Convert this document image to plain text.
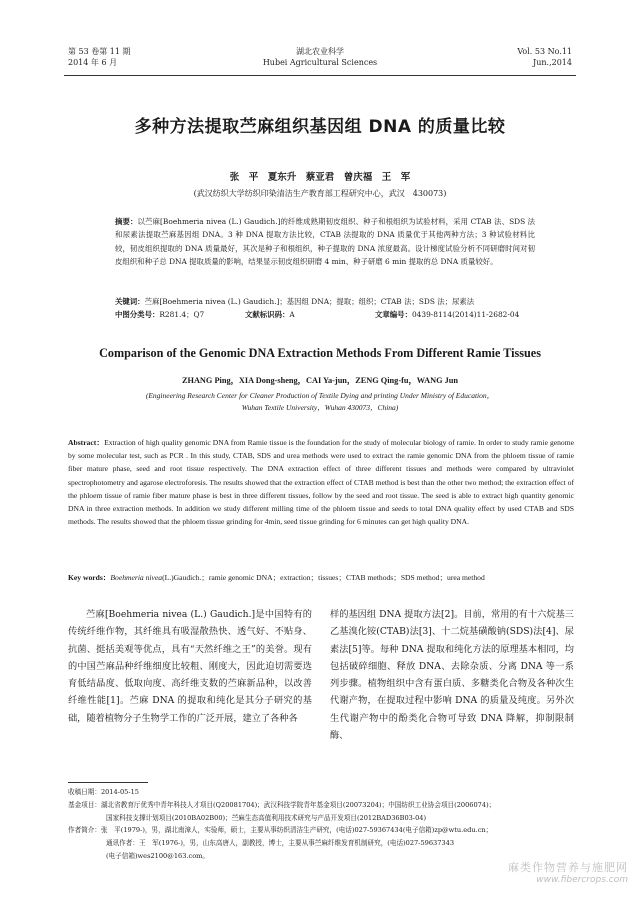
第 53 卷第 11 期
2014 年 6 月
湖北农业科学
Hubei Agricultural Sciences
Vol. 53 No.11
Jun.,2014
多种方法提取苎麻组织基因组 DNA 的质量比较
张　平　夏东升　蔡亚君　曾庆福　王　军
(武汉纺织大学纺织印染清洁生产教育部工程研究中心，武汉　430073)
摘要：以苎麻[Boehmeria nivea (L.) Gaudich.]的纤维成熟期韧皮组织、种子和根组织为试验材料，采用 CTAB 法、SDS 法和尿素法提取苎麻基因组 DNA。3 种 DNA 提取方法比较，CTAB 法提取的 DNA 质量优于其他两种方法；3 种试验材料比较，韧皮组织提取的 DNA 质量最好，其次是种子和根组织，种子提取的 DNA 浓度最高。设计梯度试验分析不同研磨时间对韧皮组织和种子总 DNA 提取质量的影响，结果显示韧皮组织研磨 4 min、种子研磨 6 min 提取的总 DNA 质量较好。
关键词：苎麻[Boehmeria nivea (L.) Gaudich.]；基因组 DNA；提取；组织；CTAB 法；SDS 法；尿素法
中图分类号：R281.4；Q7	文献标识码：A	文章编号：0439-8114(2014)11-2682-04
Comparison of the Genomic DNA Extraction Methods From Different Ramie Tissues
ZHANG Ping，XIA Dong-sheng，CAI Ya-jun，ZENG Qing-fu，WANG Jun
(Engineering Research Center for Cleaner Production of Textile Dying and printing Under Ministry of Education，
Wuhan Textile University，Wuhan 430073，China)
Abstract：Extraction of high quality genomic DNA from Ramie tissue is the foundation for the study of molecular biology of ramie. In order to study ramie genome by some molecular test, such as PCR . In this study, CTAB, SDS and urea methods were used to extract the ramie genomic DNA from the phloem tissue of ramie fiber mature phase, seed and root tissue respectively. The DNA extraction effect of three different tissues and methods were compared by ultraviolet spectrophotometry and agarose electroforesis. The results showed that the extraction effect of CTAB method is best than the other two method; the extraction effect of the phloem tissue of ramie fiber mature phase is best in three different tissues, follow by the seed and root tissue. The seed is able to extract high quantity genomic DNA in three extraction methods. In addition we study different milling time of the phloem tissue and seeds to total DNA quality effect by used CTAB and SDS methods. The results showed that the phloem tissue grinding for 4min, seed tissue grinding for 6 minutes can get high quality DNA.
Key words：Boehmeria nivea(L.)Gaudich.；ramie genomic DNA；extraction；tissues；CTAB methods；SDS method；urea method
苎麻[Boehmeria nivea (L.) Gaudich.]是中国特有的传统纤维作物，其纤维具有吸湿散热快、透气好、不贴身、抗菌、挺括美观等优点，具有“天然纤维之王”的美誉。现有的中国苎麻品种纤维细度比较粗、刚度大，因此迫切需要选育低结晶度、低取向度、高纤维支数的苎麻新品种，以改善纤维性能[1]。苎麻 DNA 的提取和纯化是其分子研究的基础，随着植物分子生物学工作的广泛开展，建立了各种各
样的基因组 DNA 提取方法[2]。目前，常用的有十六烷基三乙基溴化铵(CTAB)法[3]、十二烷基磺酸钠(SDS)法[4]、尿素法[5]等。每种 DNA 提取和纯化方法的原理基本相同，均包括破碎细胞、释放 DNA、去除杂质、分离 DNA 等一系列步骤。植物组织中含有蛋白质、多糖类化合物及各种次生代谢产物，在提取过程中影响 DNA 的质量及纯度。另外次生代谢产物中的酚类化合物可导致 DNA 降解，抑制限制酶、
收稿日期：2014-05-15
基金项目：湖北省教育厅优秀中青年科技人才项目(Q20081704)；武汉科技学院青年基金项目(20073204)；中国纺织工业协会项目(2006074)；
国家科技支撑计划项目(2010BA02B00)；苎麻生态高值利用技术研究与产品开发项目(2012BAD36B03-04)
作者简介：张　平(1979-)，男，湖北南漳人，实验师，硕士，主要从事纺织清洁生产研究，(电话)027-59367434(电子信箱)zp@wtu.edu.cn；
通讯作者：王　军(1976-)，男，山东高唐人，副教授，博士，主要从事苎麻纤维发育机制研究，(电话)027-59637343
(电子信箱)wes2100@163.com。
麻类作物营养与施肥网
www.fibercrops.com
